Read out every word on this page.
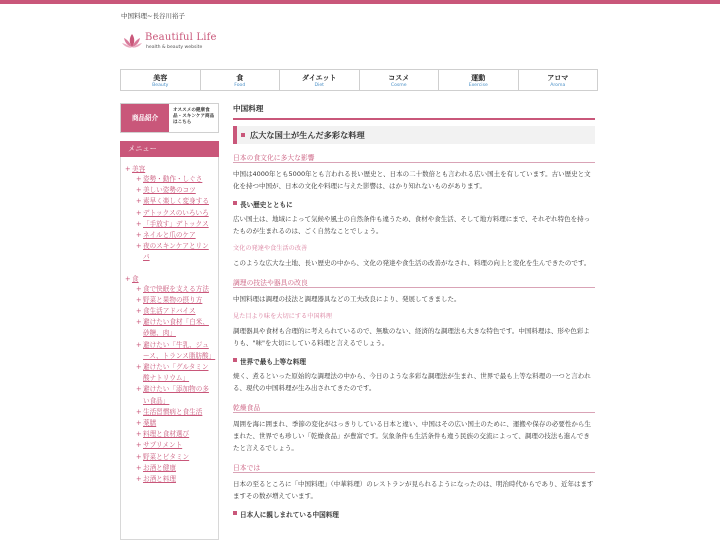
中国料理~長谷川裕子
Beautiful Life
health & beauty website
美容
Beauty
食
Food
ダイエット
Diet
コスメ
Cosme
運動
Exercise
アロマ
Aroma
商品紹介
オススメの健康食品・スキンケア商品はこちら
メニュー
+ 美容
+ 姿勢・動作・しぐさ
+ 美しい姿勢のコツ
+ 素早く楽しく変身する
+ デトックスのいろいろ
+ 「手放す」デトックス
+ ネイルと爪のケア
+ 夜のスキンケアとリンパ
+ 食
+ 食で快眠を支える方法
+ 野菜と果物の摂り方
+ 食生活アドバイス
+ 避けたい食材「白米、砂糖、肉」
+ 避けたい「牛乳、ジュース、トランス脂肪酸」
+ 避けたい「グルタミン酸ナトリウム」
+ 避けたい「添加物の多い食品」
+ 生活習慣病と食生活
+ 薬膳
+ 料理と食材選び
+ サプリメント
+ 野菜とビタミン
+ お酒と健康
+ お酒と料理
中国料理
広大な国土が生んだ多彩な料理
日本の食文化に多大な影響
中国は4000年とも5000年とも言われる長い歴史と、日本の二十数倍とも言われる広い国土を有しています。古い歴史と文化を持つ中国が、日本の文化や料理に与えた影響は、はかり知れないものがあります。
長い歴史とともに
広い国土は、地域によって気候や風土の自然条件も違うため、食材や食生活、そして地方料理にまで、それぞれ特色を持ったものが生まれるのは、ごく自然なことでしょう。
文化の発達や食生活の改善
このような広大な土地、長い歴史の中から、文化の発達や食生活の改善がなされ、料理の向上と変化を生んできたのです。
調理の技法や器具の改良
中国料理は調理の技法と調理器具などの工夫改良により、発展してきました。
見た目より味を大切にする中国料理
調理器具や食材も合理的に考えられているので、無駄のない、経済的な調理法も大きな特色です。中国料理は、形や色彩よりも、"味"を大切にしている料理と言えるでしょう。
世界で最も上等な料理
焼く、煮るといった原始的な調理法の中から、今日のような多彩な調理法が生まれ、世界で最も上等な料理の一つと言われる、現代の中国料理が生み出されてきたのです。
乾燥食品
周囲を海に囲まれ、季節の変化がはっきりしている日本と違い、中国はその広い国土のために、運搬や保存の必要性から生まれた、世界でも珍しい「乾燥食品」が豊富です。気象条件も生活条件も違う民族の交流によって、調理の技法も進んできたと言えるでしょう。
日本では
日本の至るところに「中国料理」（中華料理）のレストランが見られるようになったのは、明治時代からであり、近年はますますその数が増えています。
日本人に親しまれている中国料理
